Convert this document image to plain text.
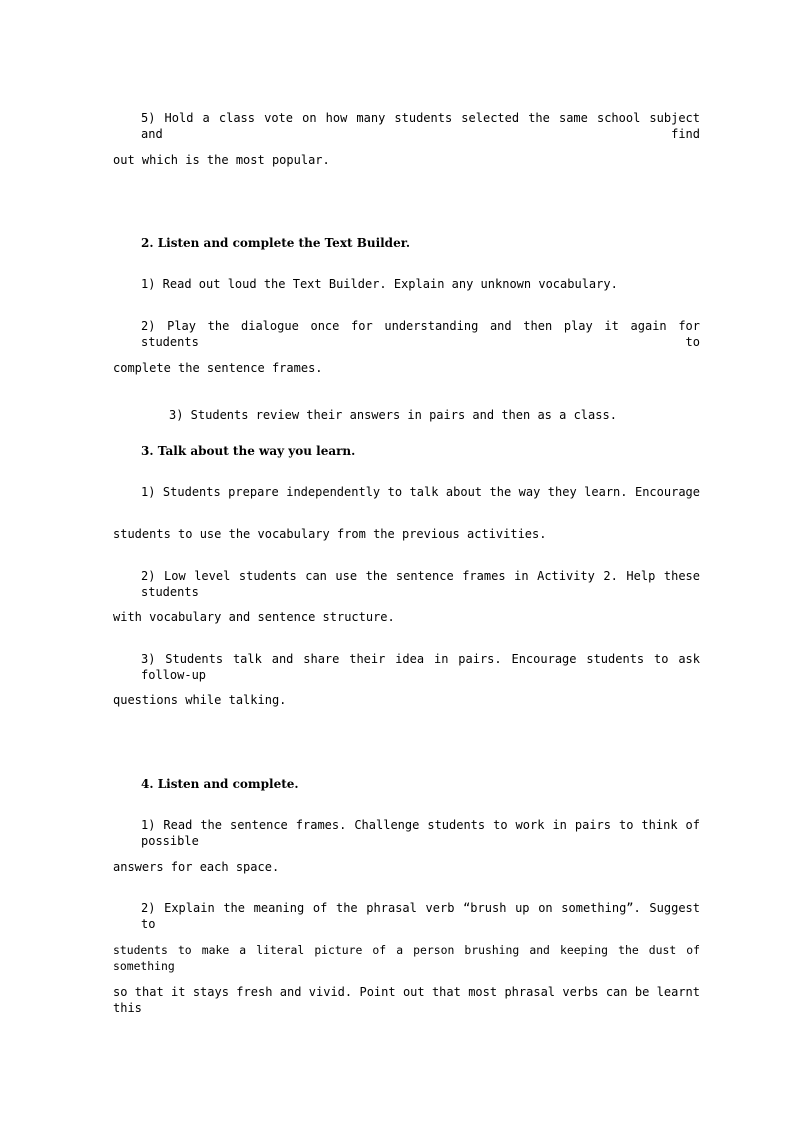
5) Hold a class vote on how many students selected the same school subject and find
out which is the most popular.
2. Listen and complete the Text Builder.
1) Read out loud the Text Builder. Explain any unknown vocabulary.
2) Play the dialogue once for understanding and then play it again for students to
complete the sentence frames.
3) Students review their answers in pairs and then as a class.
3. Talk about the way you learn.
1) Students prepare independently to talk about the way they learn. Encourage
students to use the vocabulary from the previous activities.
2) Low level students can use the sentence frames in Activity 2. Help these students
with vocabulary and sentence structure.
3) Students talk and share their idea in pairs. Encourage students to ask follow-up
questions while talking.
4. Listen and complete.
1) Read the sentence frames. Challenge students to work in pairs to think of possible
answers for each space.
2) Explain the meaning of the phrasal verb “brush up on something”. Suggest to
students to make a literal picture of a person brushing and keeping the dust of something
so that it stays fresh and vivid. Point out that most phrasal verbs can be learnt this
